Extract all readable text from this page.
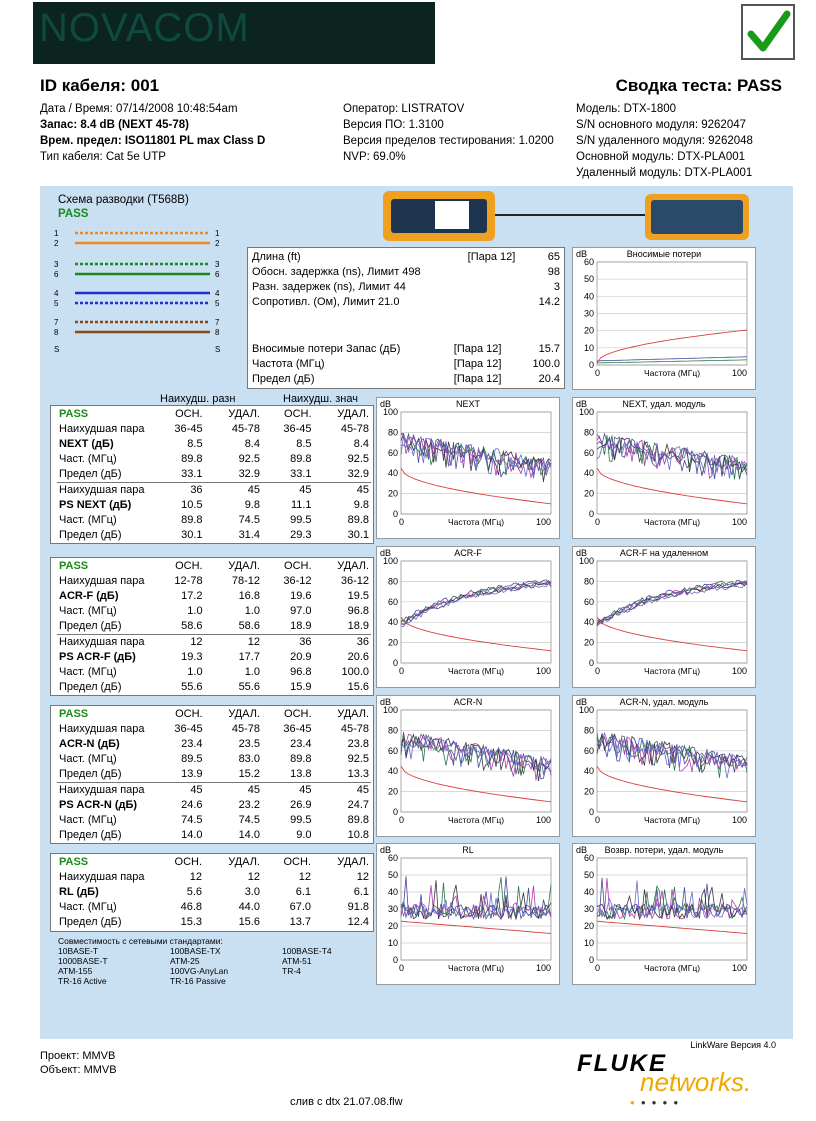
NOVACOM
ID кабеля: 001	Сводка теста: PASS
Дата / Время: 07/14/2008 10:48:54am
Запас: 8.4 dB (NEXT 45-78)
Врем. предел: ISO11801 PL max Class D
Тип кабеля: Cat 5e UTP
Оператор: LISTRATOV
Версия ПО: 1.3100
Версия пределов тестирования: 1.0200
NVP: 69.0%
Модель: DTX-1800
S/N основного модуля: 9262047
S/N удаленного модуля: 9262048
Основной модуль: DTX-PLA001
Удаленный модуль: DTX-PLA001
Схема разводки (T568B)
PASS
1	1
2	2
3	3
6	6
4	4
5	5
7	7
8	8
S	S
Длина (ft)	[Пара 12]	65
Обосн. задержка (ns), Лимит 498		98
Разн. задержек (ns), Лимит 44		3
Сопротивл. (Ом), Лимит 21.0		14.2
Вносимые потери Запас (дБ)	[Пара 12]	15.7
Частота (МГц)	[Пара 12]	100.0
Предел (дБ)	[Пара 12]	20.4
Наихудш. разн	Наихудш. знач
PASS	ОСН.	УДАЛ.	ОСН.	УДАЛ.
Наихудшая пара	36-45	45-78	36-45	45-78
NEXT (дБ)	8.5	8.4	8.5	8.4
Част. (МГц)	89.8	92.5	89.8	92.5
Предел (дБ)	33.1	32.9	33.1	32.9
Наихудшая пара	36	45	45	45
PS NEXT (дБ)	10.5	9.8	11.1	9.8
Част. (МГц)	89.8	74.5	99.5	89.8
Предел (дБ)	30.1	31.4	29.3	30.1
PASS	ОСН.	УДАЛ.	ОСН.	УДАЛ.
Наихудшая пара	12-78	78-12	36-12	36-12
ACR-F (дБ)	17.2	16.8	19.6	19.5
Част. (МГц)	1.0	1.0	97.0	96.8
Предел (дБ)	58.6	58.6	18.9	18.9
Наихудшая пара	12	12	36	36
PS ACR-F (дБ)	19.3	17.7	20.9	20.6
Част. (МГц)	1.0	1.0	96.8	100.0
Предел (дБ)	55.6	55.6	15.9	15.6
PASS	ОСН.	УДАЛ.	ОСН.	УДАЛ.
Наихудшая пара	36-45	45-78	36-45	45-78
ACR-N (дБ)	23.4	23.5	23.4	23.8
Част. (МГц)	89.5	83.0	89.8	92.5
Предел (дБ)	13.9	15.2	13.8	13.3
Наихудшая пара	45	45	45	45
PS ACR-N (дБ)	24.6	23.2	26.9	24.7
Част. (МГц)	74.5	74.5	99.5	89.8
Предел (дБ)	14.0	14.0	9.0	10.8
PASS	ОСН.	УДАЛ.	ОСН.	УДАЛ.
Наихудшая пара	12	12	12	12
RL (дБ)	5.6	3.0	6.1	6.1
Част. (МГц)	46.8	44.0	67.0	91.8
Предел (дБ)	15.3	15.6	13.7	12.4
Совместимость с сетевыми стандартами:
10BASE-T	100BASE-TX	100BASE-T4
1000BASE-T	ATM-25	ATM-51
ATM-155	100VG-AnyLan	TR-4
TR-16 Active	TR-16 Passive
60
50
40
30
20
10
0
0	100
Частота (МГц)
Вносимые потери
dB
100
80
60
40
20
0
0	100
Частота (МГц)
NEXT
dB
100
80
60
40
20
0
0	100
Частота (МГц)
NEXT, удал. модуль
dB
100
80
60
40
20
0
0	100
Частота (МГц)
ACR-F
dB
100
80
60
40
20
0
0	100
Частота (МГц)
ACR-F на удаленном
dB
100
80
60
40
20
0
0	100
Частота (МГц)
ACR-N
dB
100
80
60
40
20
0
0	100
Частота (МГц)
ACR-N, удал. модуль
dB
60
50
40
30
20
10
0
0	100
Частота (МГц)
RL
dB
60
50
40
30
20
10
0
0	100
Частота (МГц)
Возвр. потери, удал. модуль
dB
LinkWare Версия 4.0
Проект: MMVB
Объект: MMVB
слив с dtx 21.07.08.flw
FLUKE
networks.
●●●●●
